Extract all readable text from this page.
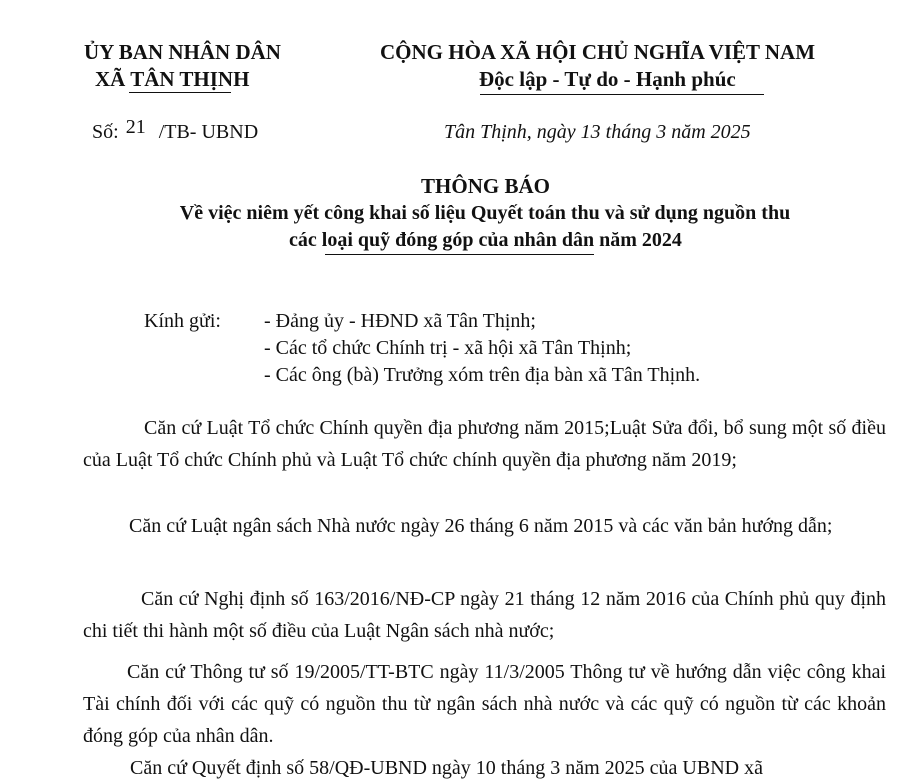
ỦY BAN NHÂN DÂN
XÃ TÂN THỊNH
CỘNG HÒA XÃ HỘI CHỦ NGHĨA VIỆT NAM
Độc lập - Tự do - Hạnh phúc
Số: 21 /TB- UBND	Tân Thịnh, ngày 13 tháng 3 năm 2025
THÔNG BÁO
Về việc niêm yết công khai số liệu Quyết toán thu và sử dụng nguồn thu
các loại quỹ đóng góp của nhân dân năm 2024
Kính gửi: - Đảng ủy - HĐND xã Tân Thịnh;
- Các tổ chức Chính trị - xã hội xã Tân Thịnh;
- Các ông (bà) Trưởng xóm trên địa bàn xã Tân Thịnh.
Căn cứ Luật Tổ chức Chính quyền địa phương năm 2015;Luật Sửa đổi, bổ sung một số điều của Luật Tổ chức Chính phủ và Luật Tổ chức chính quyền địa phương năm 2019;
Căn cứ Luật ngân sách Nhà nước ngày 26 tháng 6 năm 2015 và các văn bản hướng dẫn;
Căn cứ Nghị định số 163/2016/NĐ-CP ngày 21 tháng 12 năm 2016 của Chính phủ quy định chi tiết thi hành một số điều của Luật Ngân sách nhà nước;
Căn cứ Thông tư số 19/2005/TT-BTC ngày 11/3/2005 Thông tư về hướng dẫn việc công khai Tài chính đối với các quỹ có nguồn thu từ ngân sách nhà nước và các quỹ có nguồn từ các khoản đóng góp của nhân dân.
Căn cứ Quyết định số 58/QĐ-UBND ngày 10 tháng 3 năm 2025 của UBND xã
